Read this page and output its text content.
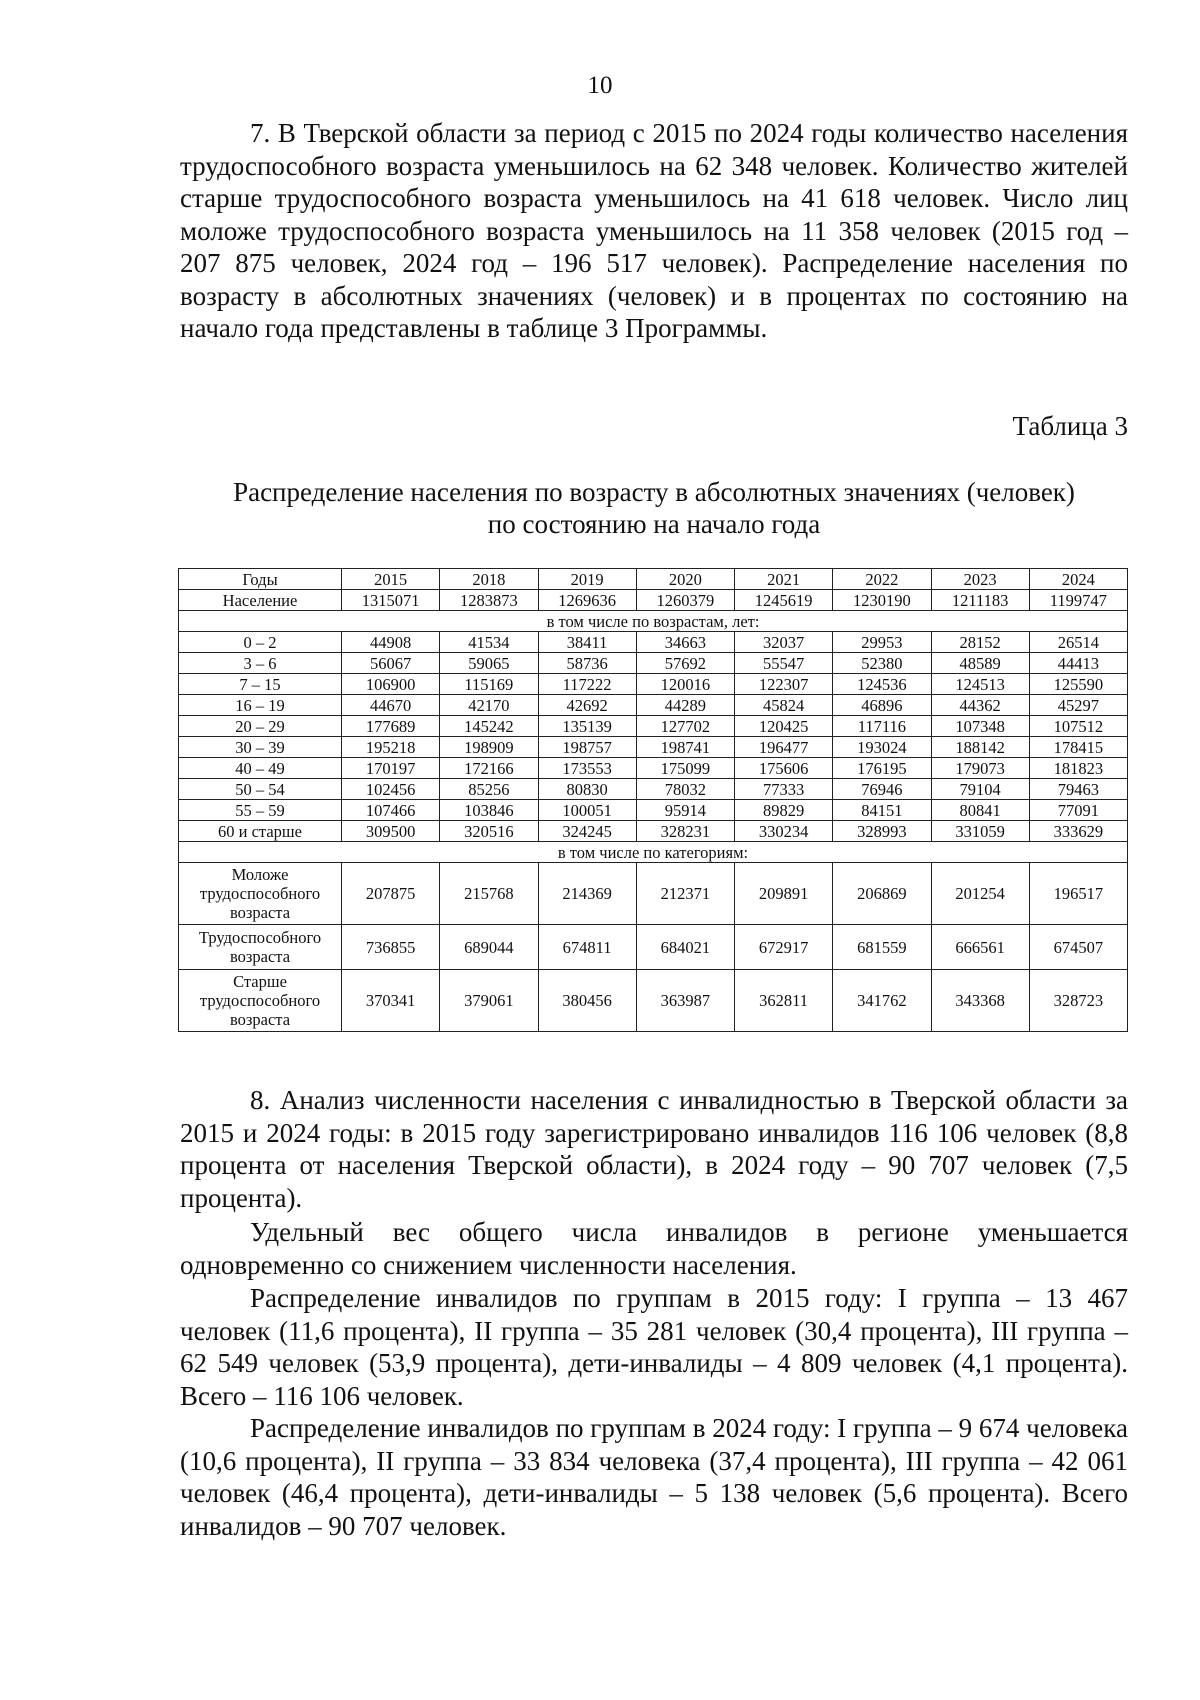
10

7. В Тверской области за период с 2015 по 2024 годы количество населения трудоспособного возраста уменьшилось на 62 348 человек. Количество жителей старше трудоспособного возраста уменьшилось на 41 618 человек. Число лиц моложе трудоспособного возраста уменьшилось на 11 358 человек (2015 год – 207 875 человек, 2024 год – 196 517 человек). Распределение населения по возрасту в абсолютных значениях (человек) и в процентах по состоянию на начало года представлены в таблице 3 Программы.

Таблица 3
Распределение населения по возрасту в абсолютных значениях (человек)
по состоянию на начало года
Годы	2015	2018	2019	2020	2021	2022	2023	2024
Население	1315071	1283873	1269636	1260379	1245619	1230190	1211183	1199747
в том числе по возрастам, лет:								
0 – 2	44908	41534	38411	34663	32037	29953	28152	26514
3 – 6	56067	59065	58736	57692	55547	52380	48589	44413
7 – 15	106900	115169	117222	120016	122307	124536	124513	125590
16 – 19	44670	42170	42692	44289	45824	46896	44362	45297
20 – 29	177689	145242	135139	127702	120425	117116	107348	107512
30 – 39	195218	198909	198757	198741	196477	193024	188142	178415
40 – 49	170197	172166	173553	175099	175606	176195	179073	181823
50 – 54	102456	85256	80830	78032	77333	76946	79104	79463
55 – 59	107466	103846	100051	95914	89829	84151	80841	77091
60 и старше	309500	320516	324245	328231	330234	328993	331059	333629
в том числе по категориям:								
Моложе трудоспособного возраста	207875	215768	214369	212371	209891	206869	201254	196517
Трудоспособного возраста	736855	689044	674811	684021	672917	681559	666561	674507
Старше трудоспособного возраста	370341	379061	380456	363987	362811	341762	343368	328723

8. Анализ численности населения с инвалидностью в Тверской области за 2015 и 2024 годы: в 2015 году зарегистрировано инвалидов 116 106 человек (8,8 процента от населения Тверской области), в 2024 году – 90 707 человек (7,5 процента).

Удельный вес общего числа инвалидов в регионе уменьшается одновременно со снижением численности населения.

Распределение инвалидов по группам в 2015 году: I группа – 13 467 человек (11,6 процента), II группа – 35 281 человек (30,4 процента), III группа – 62 549 человек (53,9 процента), дети-инвалиды – 4 809 человек (4,1 процента). Всего – 116 106 человек.

Распределение инвалидов по группам в 2024 году: I группа – 9 674 человека (10,6 процента), II группа – 33 834 человека (37,4 процента), III группа – 42 061 человек (46,4 процента), дети-инвалиды – 5 138 человек (5,6 процента). Всего инвалидов – 90 707 человек.
